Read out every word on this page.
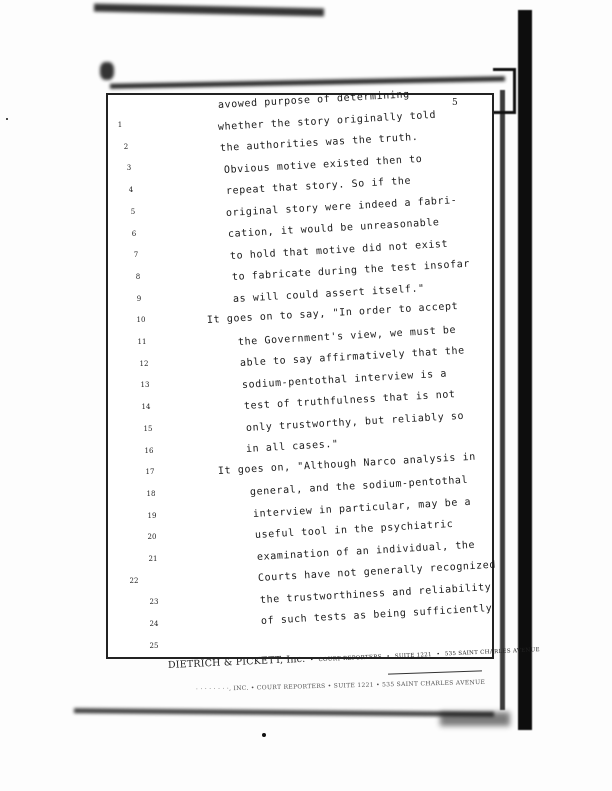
5
1
2
3
4
5
6
7
8
9
10
11
12
13
14
15
16
17
18
19
20
21
22
23
24
25
avowed purpose of determining
whether the story originally told
the authorities was the truth.
Obvious motive existed then to
repeat that story. So if the
original story were indeed a fabri-
cation, it would be unreasonable
to hold that motive did not exist
to fabricate during the test insofar
as will could assert itself."
It goes on to say, "In order to accept
the Government's view, we must be
able to say affirmatively that the
sodium-pentothal interview is a
test of truthfulness that is not
only trustworthy, but reliably so
in all cases."
It goes on, "Although Narco analysis in
general, and the sodium-pentothal
interview in particular, may be a
useful tool in the psychiatric
examination of an individual, the
Courts have not generally recognized
the trustworthiness and reliability
of such tests as being sufficiently
DIETRICH & PICKETT, Inc. • COURT REPORTERS • SUITE 1221 • 535 SAINT CHARLES AVENUE
· · · · · · · ·, INC. • COURT REPORTERS • SUITE 1221 • 535 SAINT CHARLES AVENUE
